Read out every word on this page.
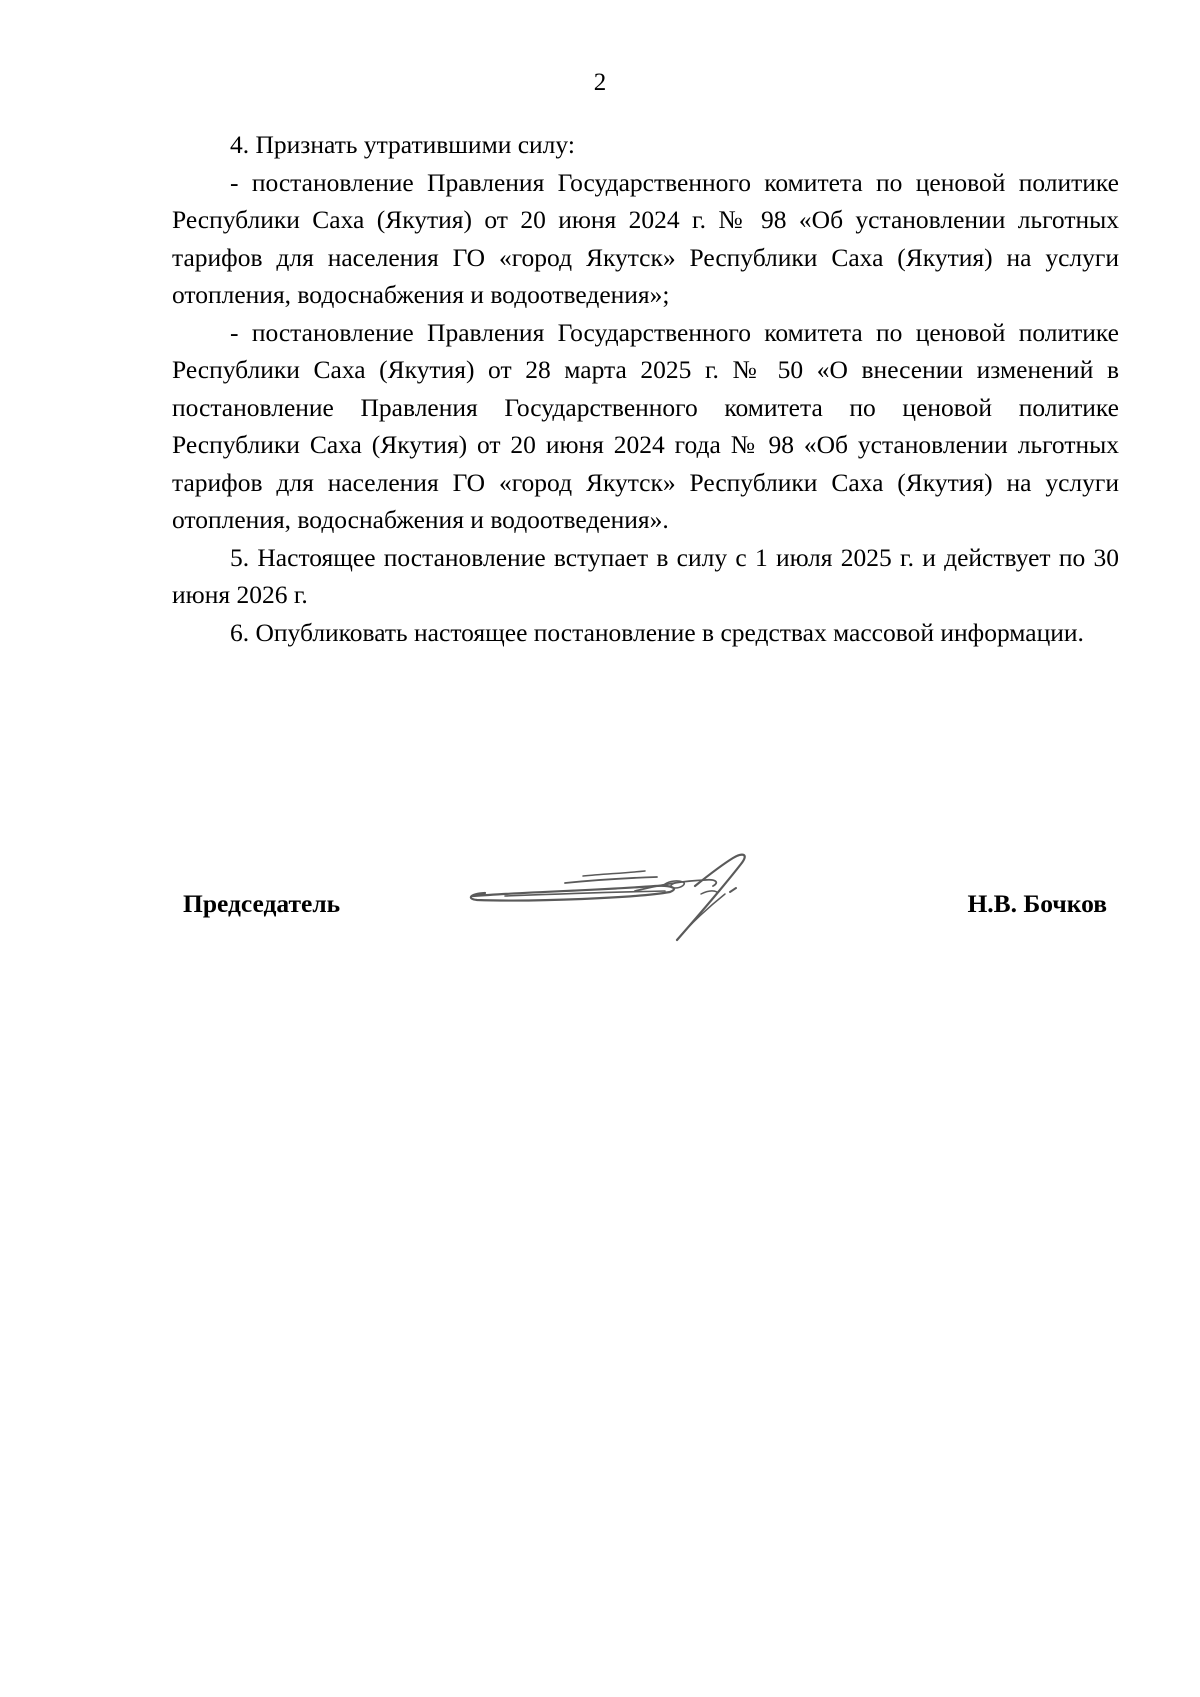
2

4. Признать утратившими силу:

- постановление Правления Государственного комитета по ценовой политике Республики Саха (Якутия) от 20 июня 2024 г. № 98 «Об установлении льготных тарифов для населения ГО «город Якутск» Республики Саха (Якутия) на услуги отопления, водоснабжения и водоотведения»;

- постановление Правления Государственного комитета по ценовой политике Республики Саха (Якутия) от 28 марта 2025 г. № 50 «О внесении изменений в постановление Правления Государственного комитета по ценовой политике Республики Саха (Якутия) от 20 июня 2024 года № 98 «Об установлении льготных тарифов для населения ГО «город Якутск» Республики Саха (Якутия) на услуги отопления, водоснабжения и водоотведения».

5. Настоящее постановление вступает в силу с 1 июля 2025 г. и действует по 30 июня 2026 г.

6. Опубликовать настоящее постановление в средствах массовой информации.

Председатель	Н.В. Бочков
